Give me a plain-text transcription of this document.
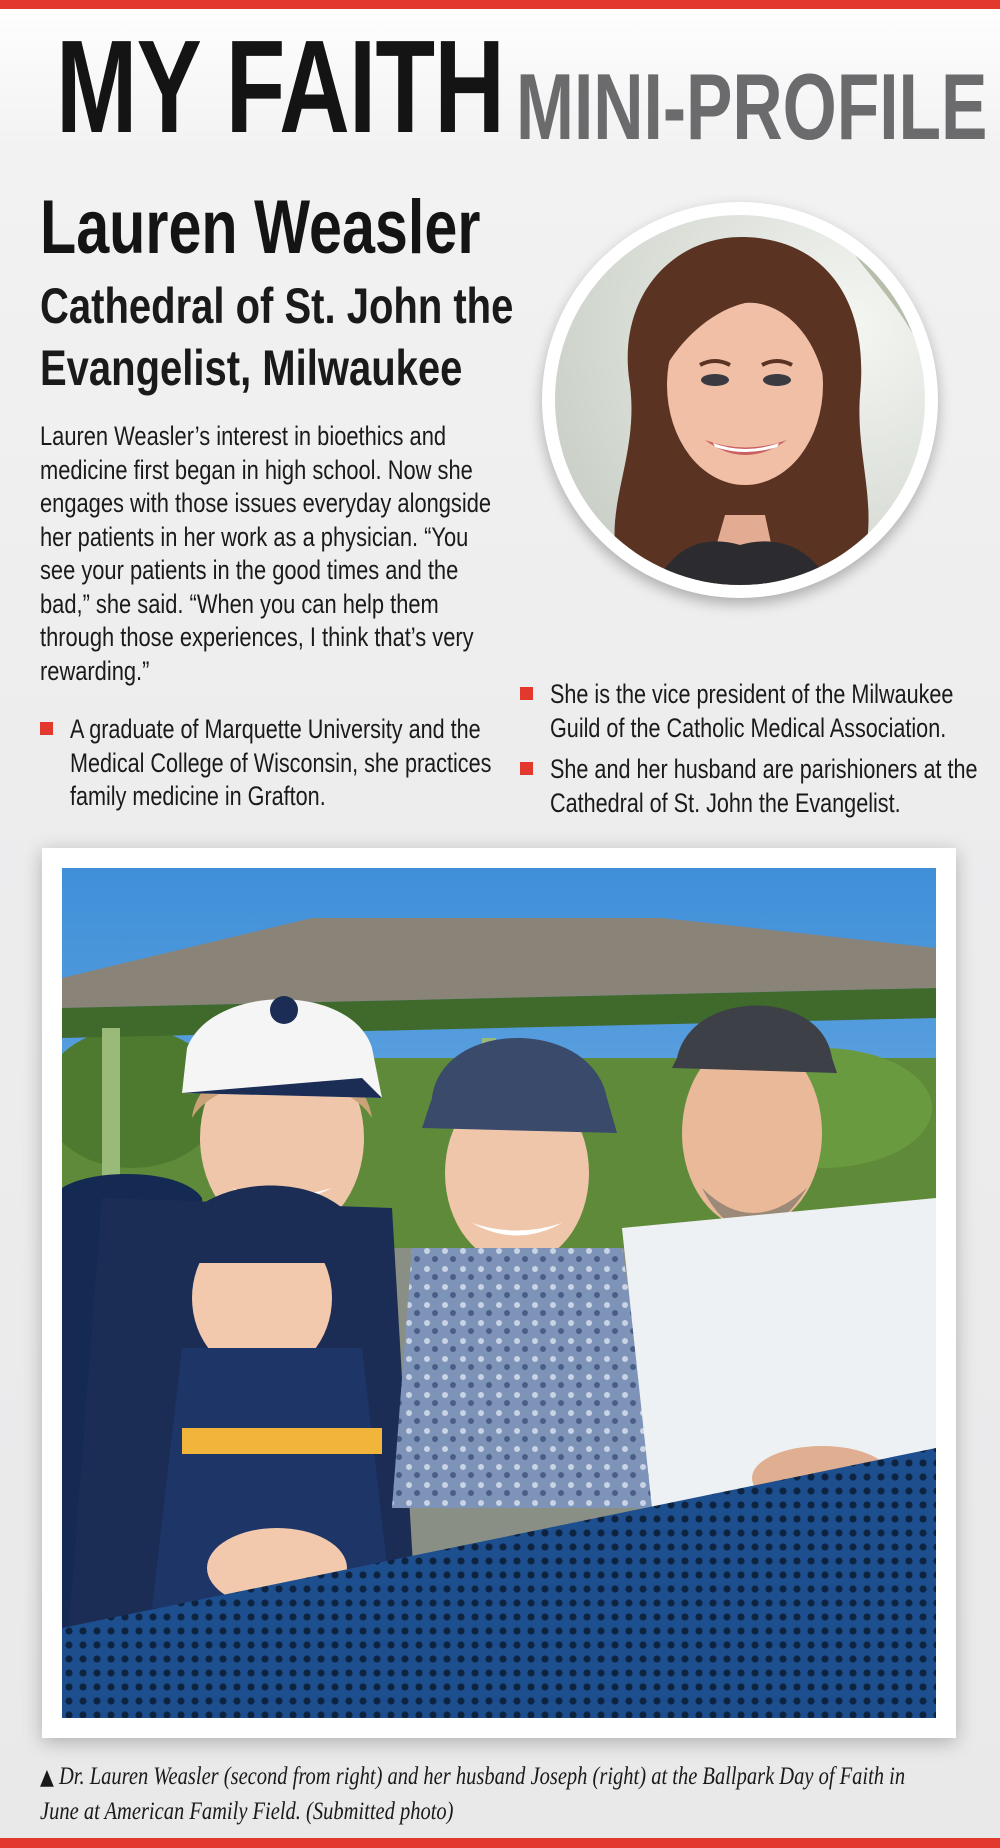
MY FAITH MINI-PROFILE
Lauren Weasler
Cathedral of St. John the Evangelist, Milwaukee
Lauren Weasler’s interest in bioethics and medicine first began in high school. Now she engages with those issues everyday alongside her patients in her work as a physician. “You see your patients in the good times and the bad,” she said. “When you can help them through those experiences, I think that’s very rewarding.”
A graduate of Marquette University and the Medical College of Wisconsin, she practices family medicine in Grafton.
She is the vice president of the Milwaukee Guild of the Catholic Medical Association.
She and her husband are parishioners at the Cathedral of St. John the Evangelist.
▲ Dr. Lauren Weasler (second from right) and her husband Joseph (right) at the Ballpark Day of Faith in June at American Family Field. (Submitted photo)
